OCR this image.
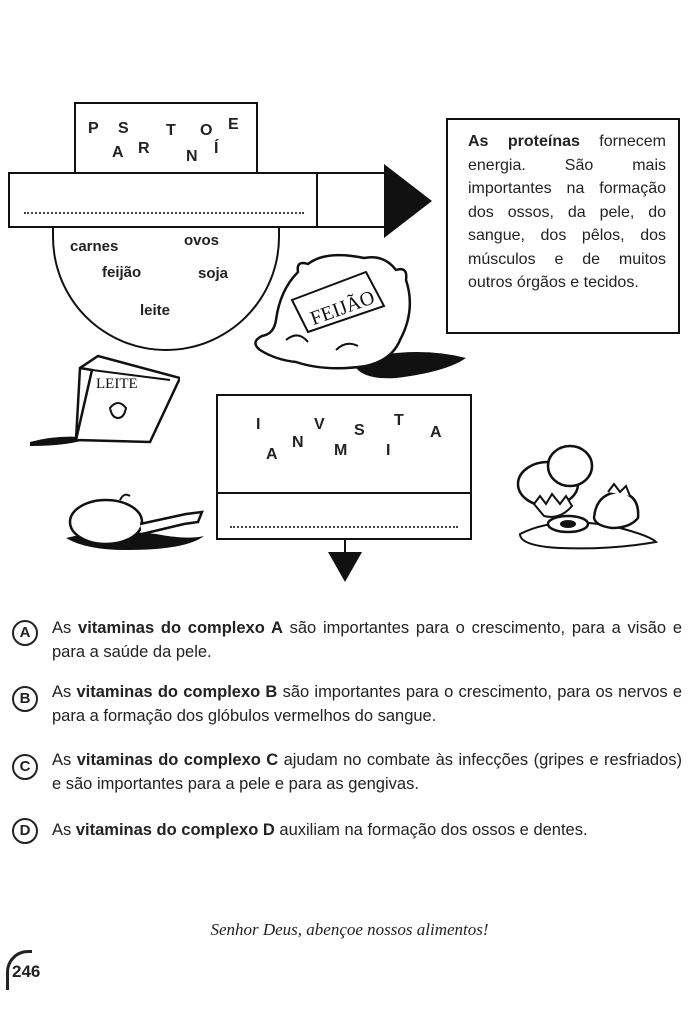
P S T O E
A R N Í
carnes	ovos
feijão	soja
leite
As proteínas fornecem energia. São mais importantes na formação dos ossos, da pele, do sangue, dos pêlos, dos músculos e de muitos outros órgãos e tecidos.
FEIJÃO
LEITE
I	V S
T
A
A
N M I
A	As vitaminas do complexo A são importantes para o crescimento, para a visão e para a saúde da pele.
B	As vitaminas do complexo B são importantes para o crescimento, para os nervos e para a formação dos glóbulos vermelhos do sangue.
C	As vitaminas do complexo C ajudam no combate às infecções (gripes e resfriados) e são importantes para a pele e para as gengivas.
D	As vitaminas do complexo D auxiliam na formação dos ossos e dentes.
Senhor Deus, abençoe nossos alimentos!
246
